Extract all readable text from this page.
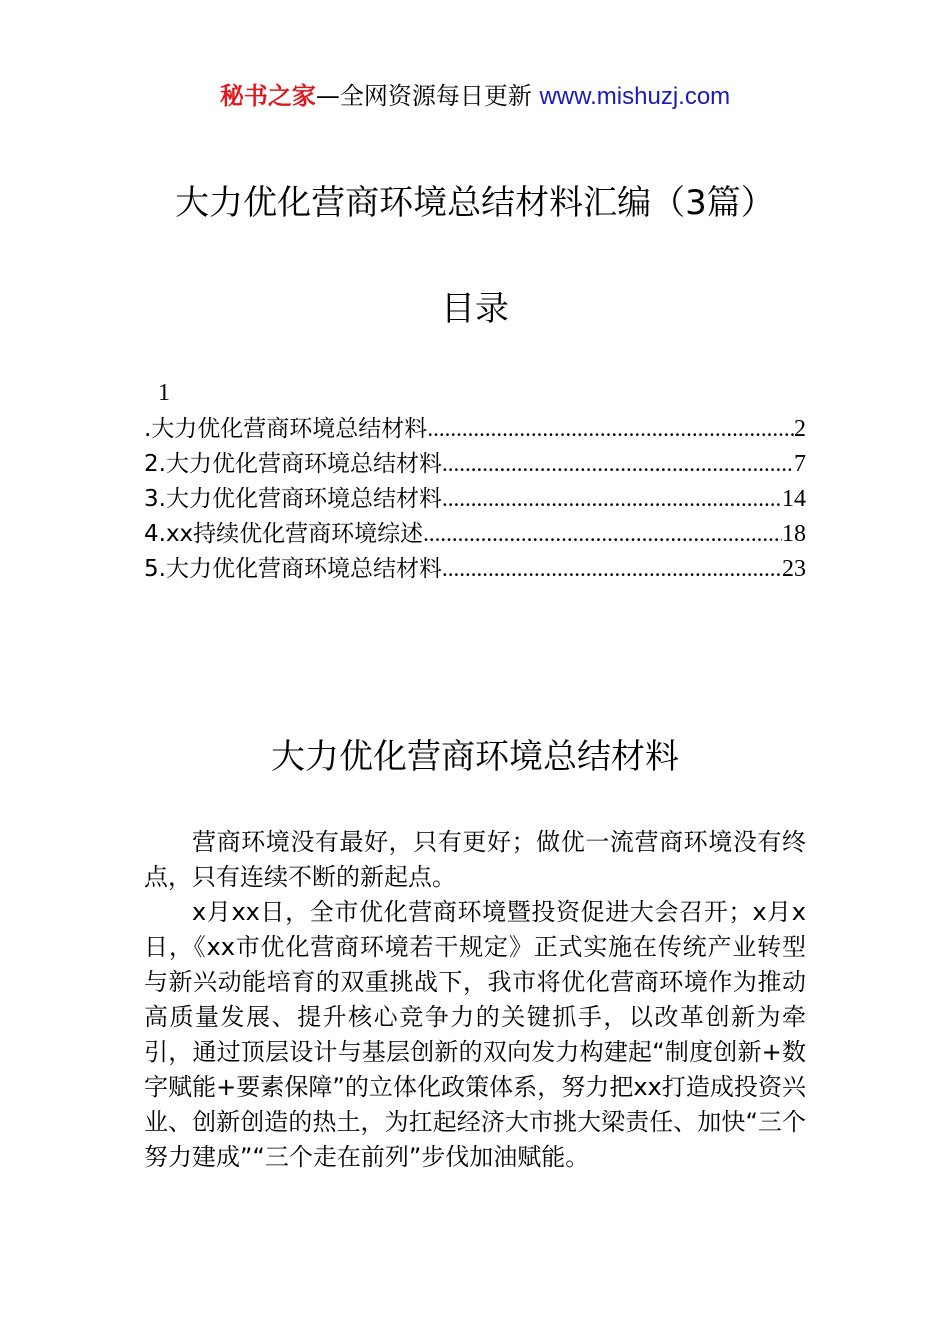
秘书之家—全网资源每日更新 www.mishuzj.com
大力优化营商环境总结材料汇编（3篇）
目录
1
.大力优化营商环境总结材料 .....	2
2.大力优化营商环境总结材料 .....	7
3.大力优化营商环境总结材料 .....	14
4.xx持续优化营商环境综述 .....	18
5.大力优化营商环境总结材料 .....	23
大力优化营商环境总结材料

营商环境没有最好，只有更好；做优一流营商环境没有终点，只有连续不断的新起点。

x月xx日，全市优化营商环境暨投资促进大会召开；x月x日，《xx市优化营商环境若干规定》正式实施在传统产业转型与新兴动能培育的双重挑战下，我市将优化营商环境作为推动高质量发展、提升核心竞争力的关键抓手，以改革创新为牵引，通过顶层设计与基层创新的双向发力构建起“制度创新+数字赋能+要素保障”的立体化政策体系，努力把xx打造成投资兴业、创新创造的热土，为扛起经济大市挑大梁责任、加快“三个努力建成”“三个走在前列”步伐加油赋能。
